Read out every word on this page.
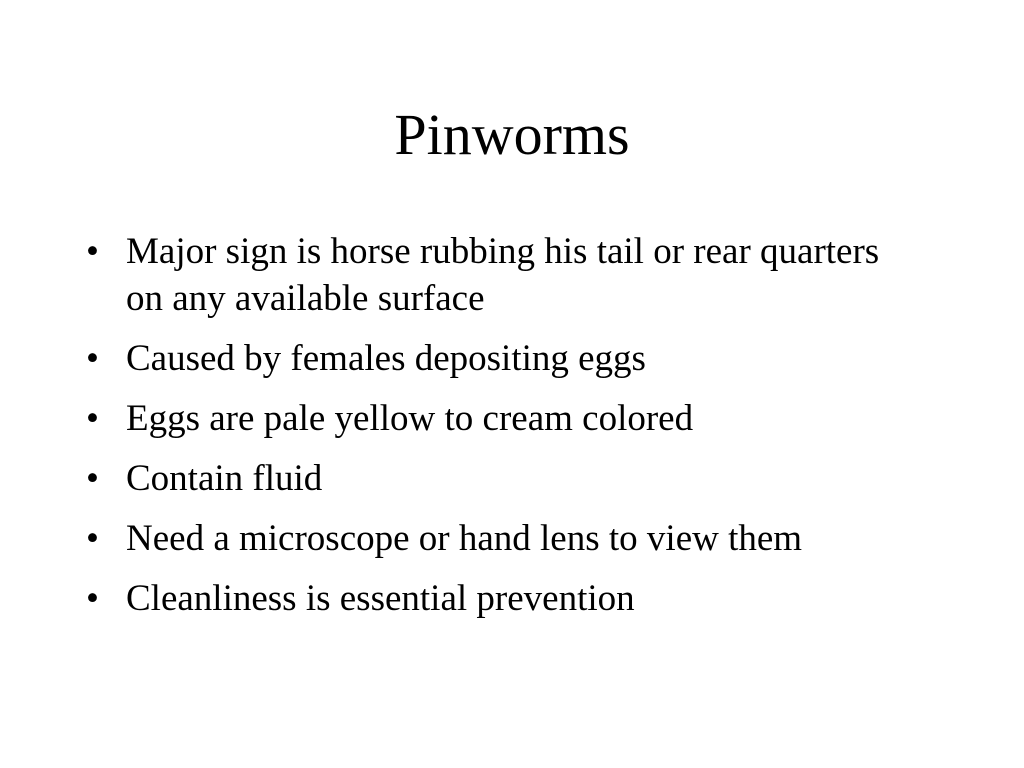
Pinworms
• Major sign is horse rubbing his tail or rear quarters on any available surface
• Caused by females depositing eggs
• Eggs are pale yellow to cream colored
• Contain fluid
• Need a microscope or hand lens to view them
• Cleanliness is essential prevention
